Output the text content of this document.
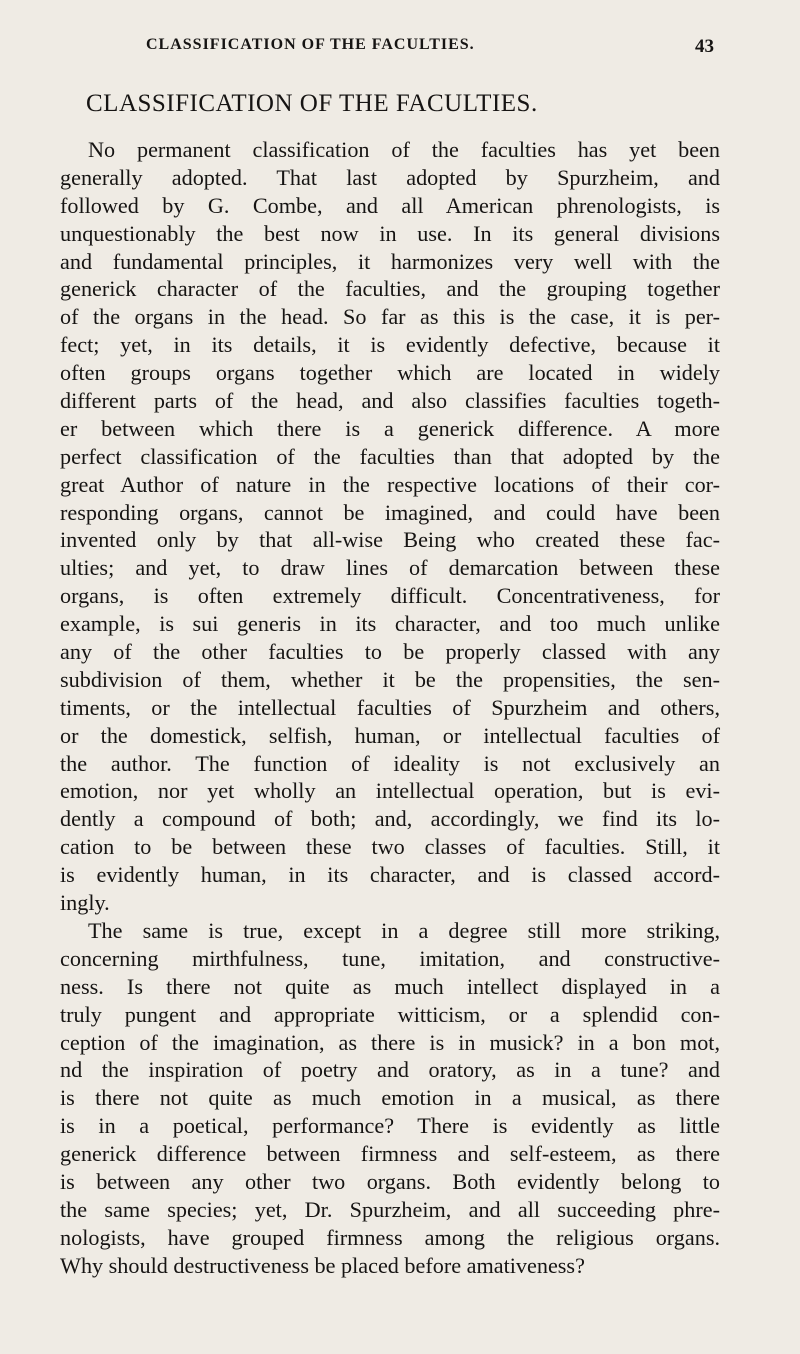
CLASSIFICATION OF THE FACULTIES.	43
CLASSIFICATION OF THE FACULTIES.
No permanent classification of the faculties has yet been
generally adopted. That last adopted by Spurzheim, and
followed by G. Combe, and all American phrenologists, is
unquestionably the best now in use. In its general divisions
and fundamental principles, it harmonizes very well with the
generick character of the faculties, and the grouping together
of the organs in the head. So far as this is the case, it is per-
fect; yet, in its details, it is evidently defective, because it
often groups organs together which are located in widely
different parts of the head, and also classifies faculties togeth-
er between which there is a generick difference. A more
perfect classification of the faculties than that adopted by the
great Author of nature in the respective locations of their cor-
responding organs, cannot be imagined, and could have been
invented only by that all-wise Being who created these fac-
ulties; and yet, to draw lines of demarcation between these
organs, is often extremely difficult. Concentrativeness, for
example, is sui generis in its character, and too much unlike
any of the other faculties to be properly classed with any
subdivision of them, whether it be the propensities, the sen-
timents, or the intellectual faculties of Spurzheim and others,
or the domestick, selfish, human, or intellectual faculties of
the author. The function of ideality is not exclusively an
emotion, nor yet wholly an intellectual operation, but is evi-
dently a compound of both; and, accordingly, we find its lo-
cation to be between these two classes of faculties. Still, it
is evidently human, in its character, and is classed accord-
ingly.
The same is true, except in a degree still more striking,
concerning mirthfulness, tune, imitation, and constructive-
ness. Is there not quite as much intellect displayed in a
truly pungent and appropriate witticism, or a splendid con-
ception of the imagination, as there is in musick? in a bon mot,
nd the inspiration of poetry and oratory, as in a tune? and
is there not quite as much emotion in a musical, as there
is in a poetical, performance? There is evidently as little
generick difference between firmness and self-esteem, as there
is between any other two organs. Both evidently belong to
the same species; yet, Dr. Spurzheim, and all succeeding phre-
nologists, have grouped firmness among the religious organs.
Why should destructiveness be placed before amativeness?
